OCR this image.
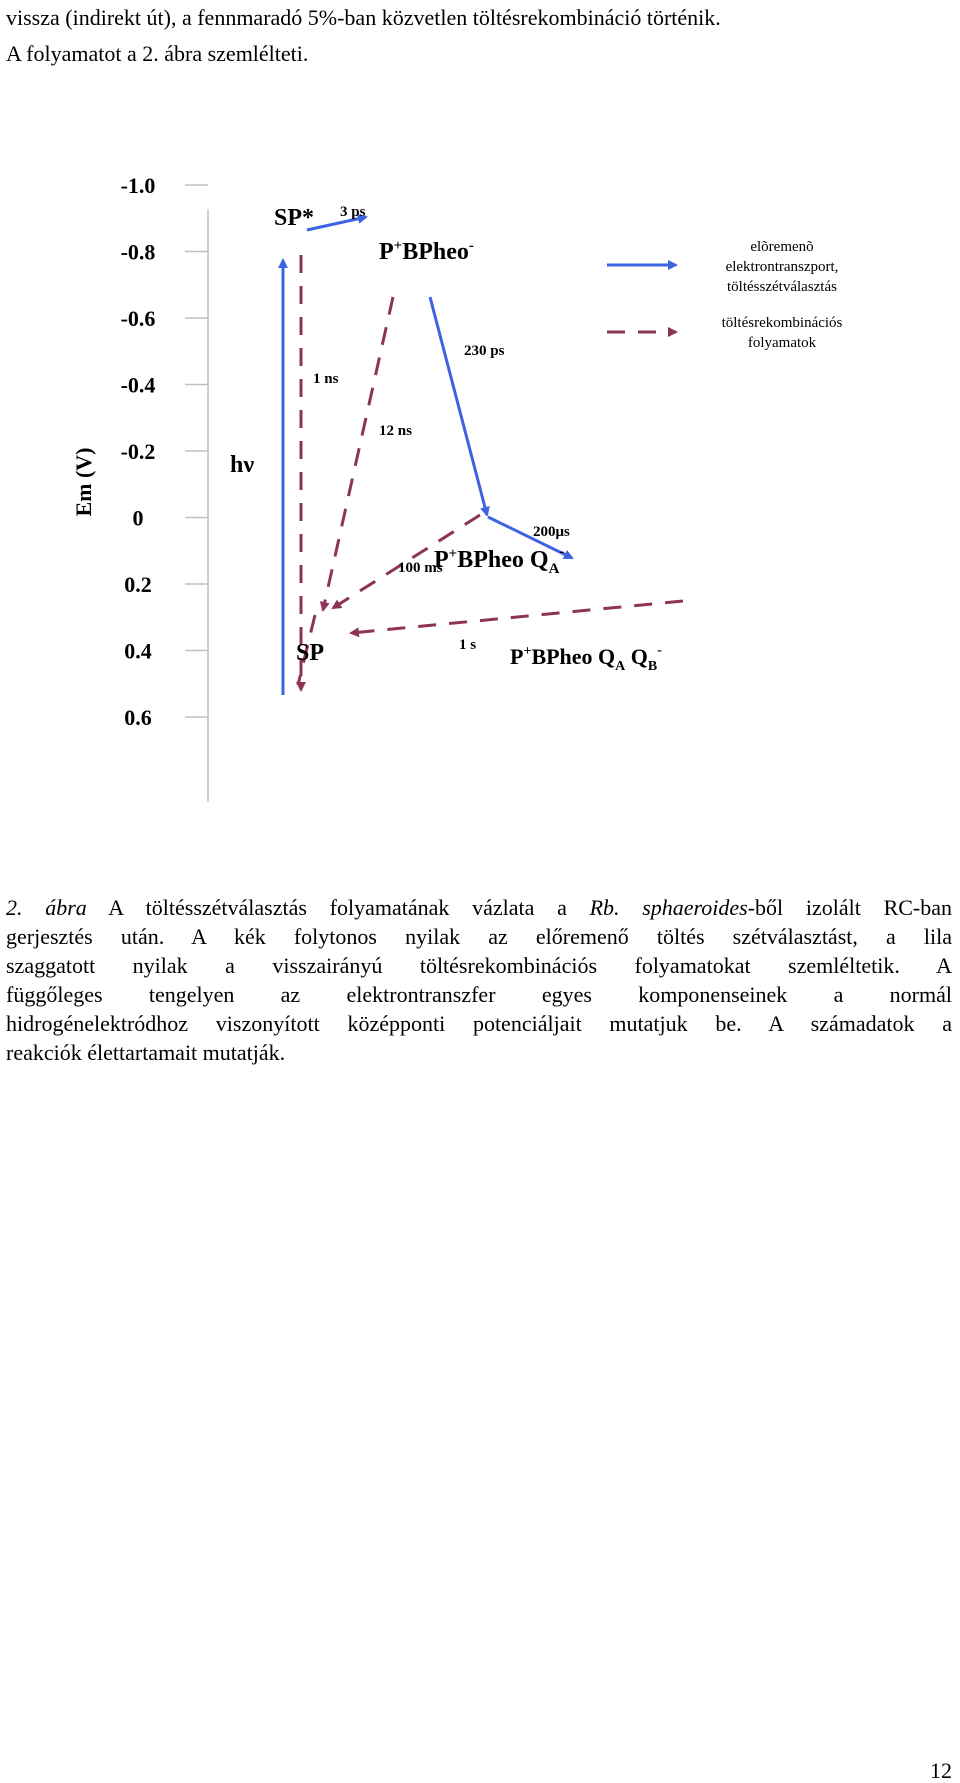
vissza (indirekt út), a fennmaradó 5%-ban közvetlen töltésrekombináció történik.
A folyamatot a 2. ábra szemlélteti.
-1.0
-0.8
-0.6
-0.4
-0.2
0
0.2
0.4
0.6
Em (V)
SP*
SP
P+BPheo-
P+BPheo $Q_A^-$
P+BPheo $Q_A$ $Q_B^-$
hν
3 ps
230 ps
200μs
1 ns
12 ns
100 ms
1 s
elõremenõ
elektrontranszport,
töltésszétválasztás
töltésrekombinációs
folyamatok
2. ábra A töltésszétválasztás folyamatának vázlata a Rb. sphaeroides-ből izolált RC-ban
gerjesztés után. A kék folytonos nyilak az előremenő töltés szétválasztást, a lila
szaggatott nyilak a visszairányú töltésrekombinációs folyamatokat szemléltetik. A
függőleges tengelyen az elektrontranszfer egyes komponenseinek a normál
hidrogénelektródhoz viszonyított középponti potenciáljait mutatjuk be. A számadatok a
reakciók élettartamait mutatják.
12
